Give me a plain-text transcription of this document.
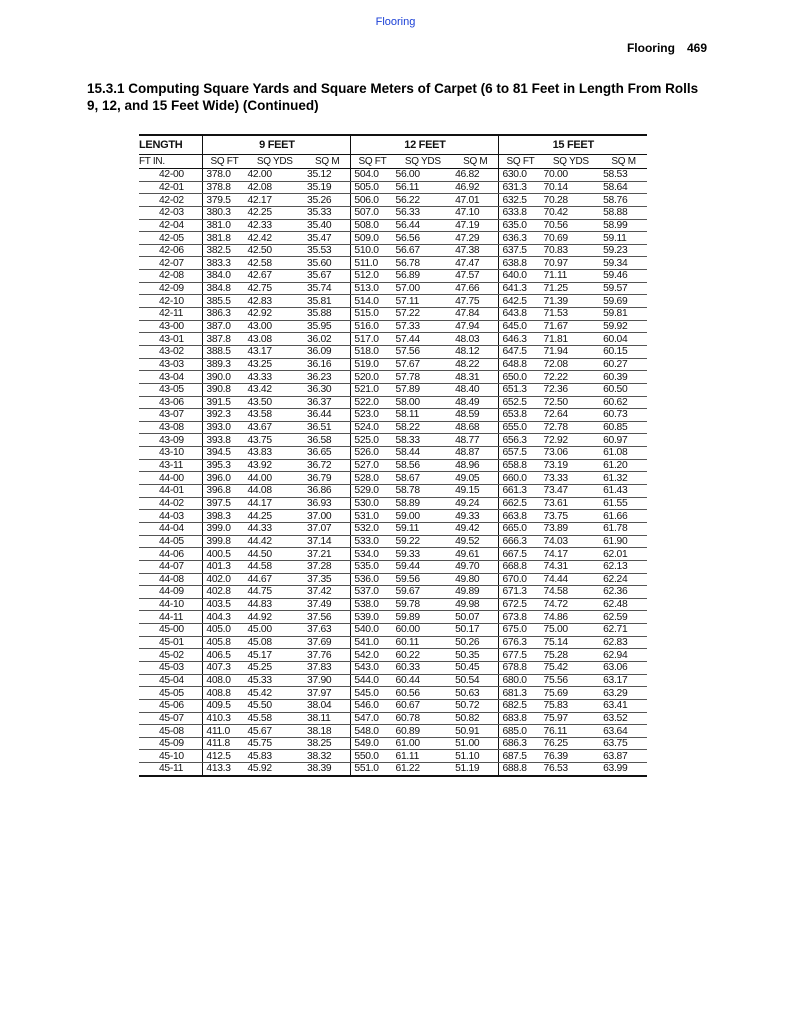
Flooring
Flooring 469
15.3.1 Computing Square Yards and Square Meters of Carpet (6 to 81 Feet in Length From Rolls 9, 12, and 15 Feet Wide) (Continued)
LENGTH	9 FEET			12 FEET			15 FEET		
FT IN.	SQ FT	SQ YDS	SQ M	SQ FT	SQ YDS	SQ M	SQ FT	SQ YDS	SQ M
42-00	378.0	42.00	35.12	504.0	56.00	46.82	630.0	70.00	58.53
42-01	378.8	42.08	35.19	505.0	56.11	46.92	631.3	70.14	58.64
42-02	379.5	42.17	35.26	506.0	56.22	47.01	632.5	70.28	58.76
42-03	380.3	42.25	35.33	507.0	56.33	47.10	633.8	70.42	58.88
42-04	381.0	42.33	35.40	508.0	56.44	47.19	635.0	70.56	58.99
42-05	381.8	42.42	35.47	509.0	56.56	47.29	636.3	70.69	59.11
42-06	382.5	42.50	35.53	510.0	56.67	47.38	637.5	70.83	59.23
42-07	383.3	42.58	35.60	511.0	56.78	47.47	638.8	70.97	59.34
42-08	384.0	42.67	35.67	512.0	56.89	47.57	640.0	71.11	59.46
42-09	384.8	42.75	35.74	513.0	57.00	47.66	641.3	71.25	59.57
42-10	385.5	42.83	35.81	514.0	57.11	47.75	642.5	71.39	59.69
42-11	386.3	42.92	35.88	515.0	57.22	47.84	643.8	71.53	59.81
43-00	387.0	43.00	35.95	516.0	57.33	47.94	645.0	71.67	59.92
43-01	387.8	43.08	36.02	517.0	57.44	48.03	646.3	71.81	60.04
43-02	388.5	43.17	36.09	518.0	57.56	48.12	647.5	71.94	60.15
43-03	389.3	43.25	36.16	519.0	57.67	48.22	648.8	72.08	60.27
43-04	390.0	43.33	36.23	520.0	57.78	48.31	650.0	72.22	60.39
43-05	390.8	43.42	36.30	521.0	57.89	48.40	651.3	72.36	60.50
43-06	391.5	43.50	36.37	522.0	58.00	48.49	652.5	72.50	60.62
43-07	392.3	43.58	36.44	523.0	58.11	48.59	653.8	72.64	60.73
43-08	393.0	43.67	36.51	524.0	58.22	48.68	655.0	72.78	60.85
43-09	393.8	43.75	36.58	525.0	58.33	48.77	656.3	72.92	60.97
43-10	394.5	43.83	36.65	526.0	58.44	48.87	657.5	73.06	61.08
43-11	395.3	43.92	36.72	527.0	58.56	48.96	658.8	73.19	61.20
44-00	396.0	44.00	36.79	528.0	58.67	49.05	660.0	73.33	61.32
44-01	396.8	44.08	36.86	529.0	58.78	49.15	661.3	73.47	61.43
44-02	397.5	44.17	36.93	530.0	58.89	49.24	662.5	73.61	61.55
44-03	398.3	44.25	37.00	531.0	59.00	49.33	663.8	73.75	61.66
44-04	399.0	44.33	37.07	532.0	59.11	49.42	665.0	73.89	61.78
44-05	399.8	44.42	37.14	533.0	59.22	49.52	666.3	74.03	61.90
44-06	400.5	44.50	37.21	534.0	59.33	49.61	667.5	74.17	62.01
44-07	401.3	44.58	37.28	535.0	59.44	49.70	668.8	74.31	62.13
44-08	402.0	44.67	37.35	536.0	59.56	49.80	670.0	74.44	62.24
44-09	402.8	44.75	37.42	537.0	59.67	49.89	671.3	74.58	62.36
44-10	403.5	44.83	37.49	538.0	59.78	49.98	672.5	74.72	62.48
44-11	404.3	44.92	37.56	539.0	59.89	50.07	673.8	74.86	62.59
45-00	405.0	45.00	37.63	540.0	60.00	50.17	675.0	75.00	62.71
45-01	405.8	45.08	37.69	541.0	60.11	50.26	676.3	75.14	62.83
45-02	406.5	45.17	37.76	542.0	60.22	50.35	677.5	75.28	62.94
45-03	407.3	45.25	37.83	543.0	60.33	50.45	678.8	75.42	63.06
45-04	408.0	45.33	37.90	544.0	60.44	50.54	680.0	75.56	63.17
45-05	408.8	45.42	37.97	545.0	60.56	50.63	681.3	75.69	63.29
45-06	409.5	45.50	38.04	546.0	60.67	50.72	682.5	75.83	63.41
45-07	410.3	45.58	38.11	547.0	60.78	50.82	683.8	75.97	63.52
45-08	411.0	45.67	38.18	548.0	60.89	50.91	685.0	76.11	63.64
45-09	411.8	45.75	38.25	549.0	61.00	51.00	686.3	76.25	63.75
45-10	412.5	45.83	38.32	550.0	61.11	51.10	687.5	76.39	63.87
45-11	413.3	45.92	38.39	551.0	61.22	51.19	688.8	76.53	63.99
